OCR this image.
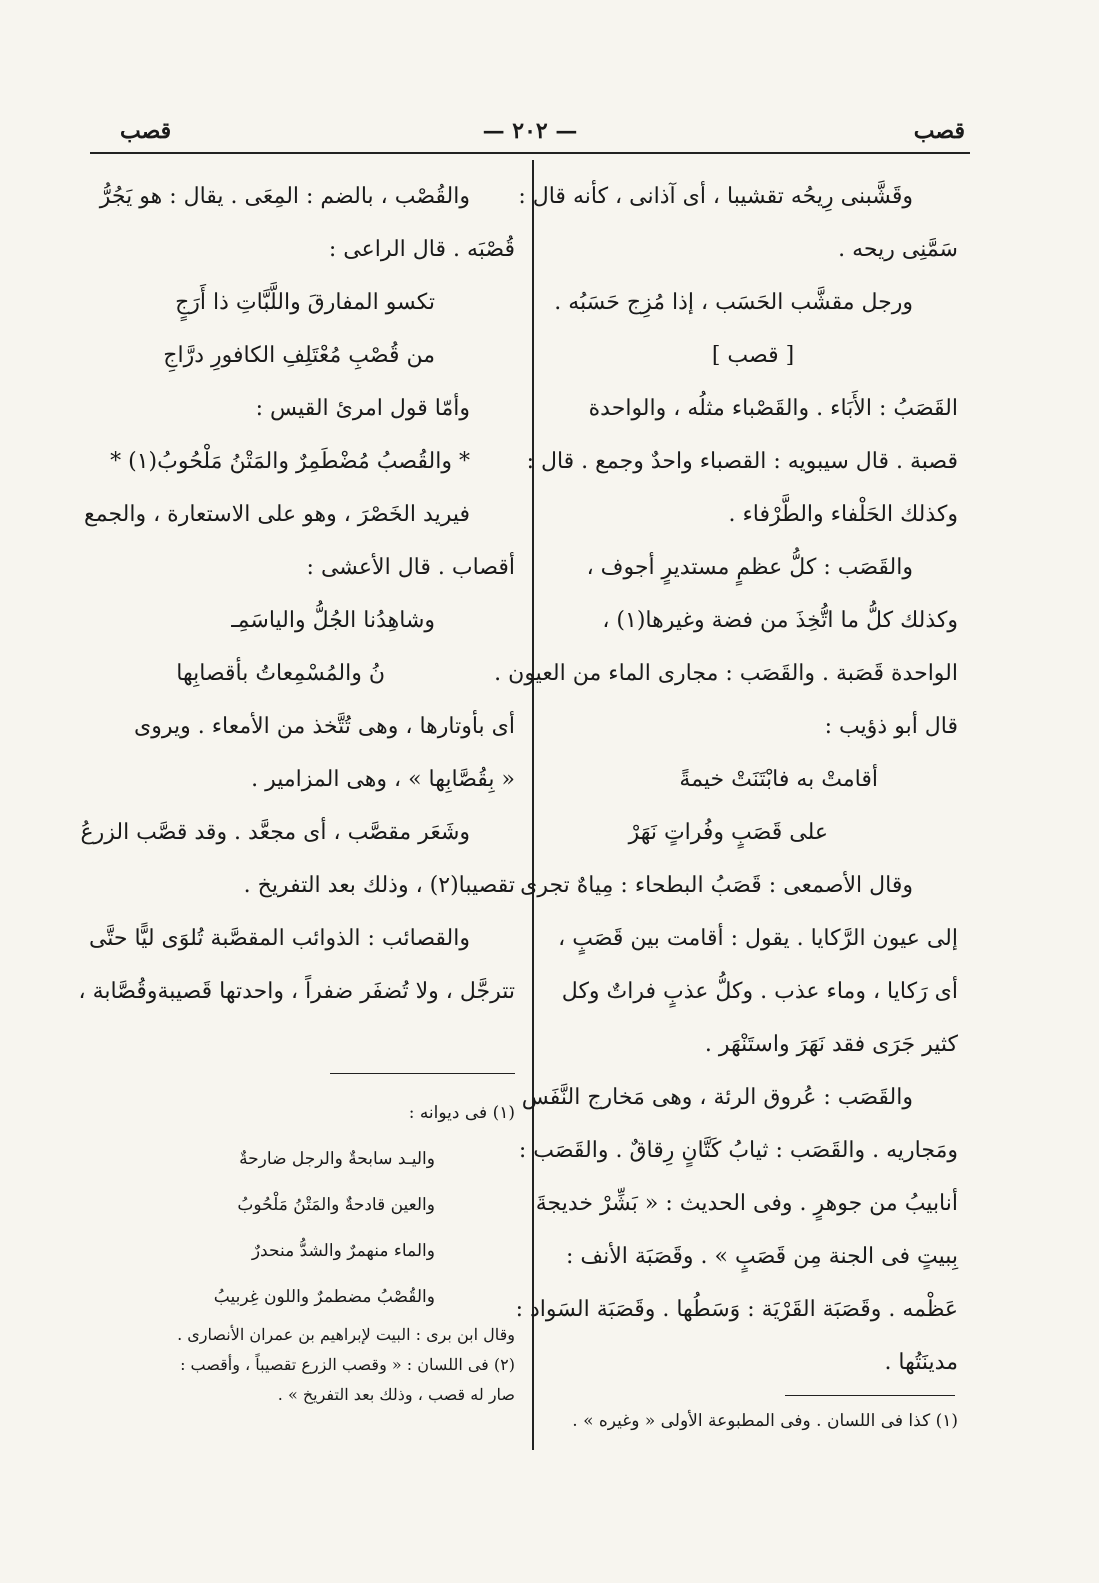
قصب
— ٢٠٢ —
قصب
وقَشَّبنى رِيحُه تقشيبا ، أى آذانى ، كأنه قال :
سَمَّنِى ريحه .
ورجل مقشَّب الحَسَب ، إذا مُزِج حَسَبُه .
[ قصب ]
القَصَبُ : الأَبَاء . والقَصْباء مثلُه ، والواحدة
قصبة . قال سيبويه : القصباء واحدٌ وجمع . قال :
وكذلك الحَلْفاء والطَّرْفاء .
والقَصَب : كلُّ عظمٍ مستديرٍ أجوف ،
وكذلك كلُّ ما اتُّخِذَ من فضة وغيرها(١) ،
الواحدة قَصَبة . والقَصَب : مجارى الماء من العيون .
قال أبو ذؤيب :
أقامتْ به فابْتَنَتْ خيمةً
على قَصَبٍ وفُراتٍ نَهَرْ
وقال الأصمعى : قَصَبُ البطحاء : مِياهٌ تجرى
إلى عيون الرَّكايا . يقول : أقامت بين قَصَبٍ ،
أى رَكايا ، وماء عذب . وكلُّ عذبٍ فراتٌ وكل
كثير جَرَى فقد نَهَرَ واستَنْهَر .
والقَصَب : عُروق الرئة ، وهى مَخارج النَّفَس
ومَجاريه . والقَصَب : ثيابُ كَتَّانٍ رِقاقٌ . والقَصَب :
أنابيبُ من جوهرٍ . وفى الحديث : « بَشِّرْ خديجةَ
بِبيتٍ فى الجنة مِن قَصَبٍ » . وقَصَبَة الأنف :
عَظْمه . وقَصَبَة القَرْيَة : وَسَطُها . وقَصَبَة السَواد :
مدينَتُها .
والقُصْب ، بالضم : المِعَى . يقال : هو يَجُرُّ
قُصْبَه . قال الراعى :
تكسو المفارقَ واللَّبَّاتِ ذا أَرَجٍ
من قُصْبِ مُعْتَلِفِ الكافورِ درَّاجِ
وأمّا قول امرئ القيس :
* والقُصبُ مُضْطَمِرٌ والمَتْنُ مَلْحُوبُ(١) *
فيريد الخَصْرَ ، وهو على الاستعارة ، والجمع
أقصاب . قال الأعشى :
وشاهِدُنا الجُلُّ والياسَمِـ
نُ والمُسْمِعاتُ بأقصابِها
أى بأوتارها ، وهى تُتَّخذ من الأمعاء . ويروى
« بِقُصَّابِها » ، وهى المزامير .
وشَعَر مقصَّب ، أى مجعَّد . وقد قصَّب الزرعُ
تقصيبا(٢) ، وذلك بعد التفريخ .
والقصائب : الذوائب المقصَّبة تُلوَى ليًّا حتَّى
تترجَّل ، ولا تُضفَر ضفراً ، واحدتها قَصيبةوقُصَّابة ،
(١) كذا فى اللسان . وفى المطبوعة الأولى « وغيره » .
(١) فى ديوانه :
واليـد سابحةٌ والرجل ضارحةٌ
والعين قادحةٌ والمَتْنُ مَلْحُوبُ
والماء منهمرٌ والشدُّ منحدرٌ
والقُصْبُ مضطمرٌ واللون غِربيبُ
وقال ابن برى : البيت لإبراهيم بن عمران الأنصارى .
(٢) فى اللسان : « وقصب الزرع تقصيباً ، وأقصب :
صار له قصب ، وذلك بعد التفريخ » .
